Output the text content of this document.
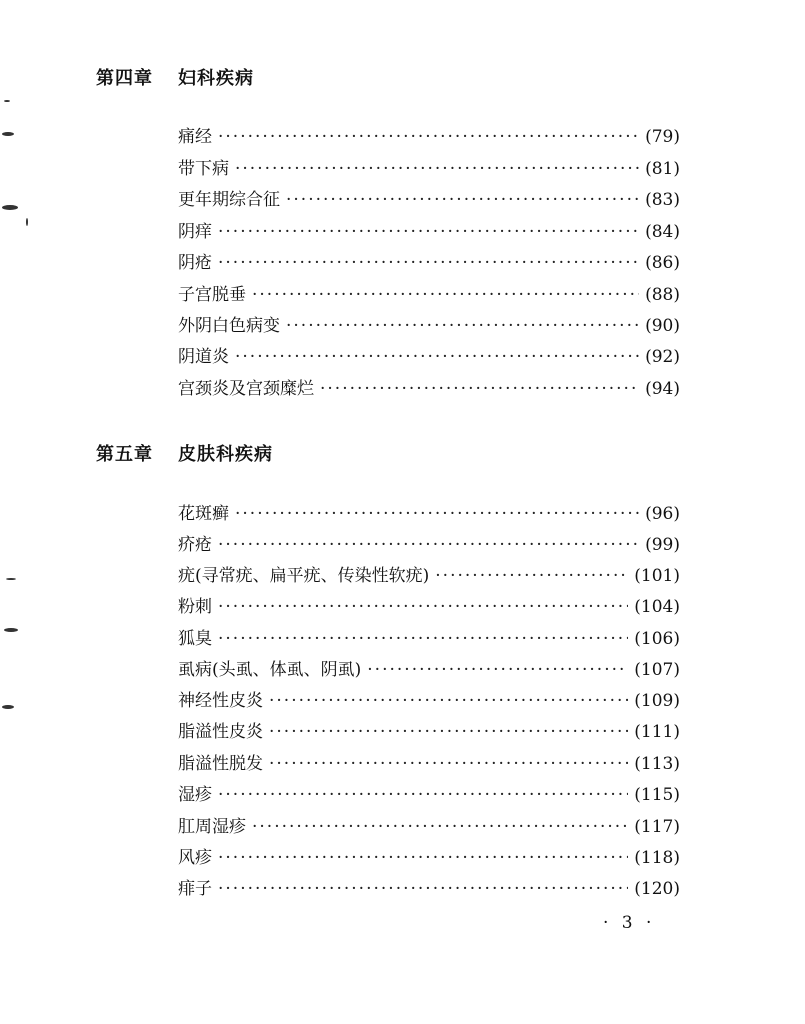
第四章 妇科疾病
痛经 ·····	(79)
带下病 ·····	(81)
更年期综合征 ·····	(83)
阴痒 ·····	(84)
阴疮 ·····	(86)
子宫脱垂 ·····	(88)
外阴白色病变 ·····	(90)
阴道炎 ·····	(92)
宫颈炎及宫颈糜烂 ·····	(94)
第五章 皮肤科疾病
花斑癣 ·····	(96)
疥疮 ·····	(99)
疣(寻常疣、扁平疣、传染性软疣) ·····	(101)
粉刺 ·····	(104)
狐臭 ·····	(106)
虱病(头虱、体虱、阴虱) ·····	(107)
神经性皮炎 ·····	(109)
脂溢性皮炎 ·····	(111)
脂溢性脱发 ·····	(113)
湿疹 ·····	(115)
肛周湿疹 ·····	(117)
风疹 ·····	(118)
痱子 ·····	(120)
· 3 ·
